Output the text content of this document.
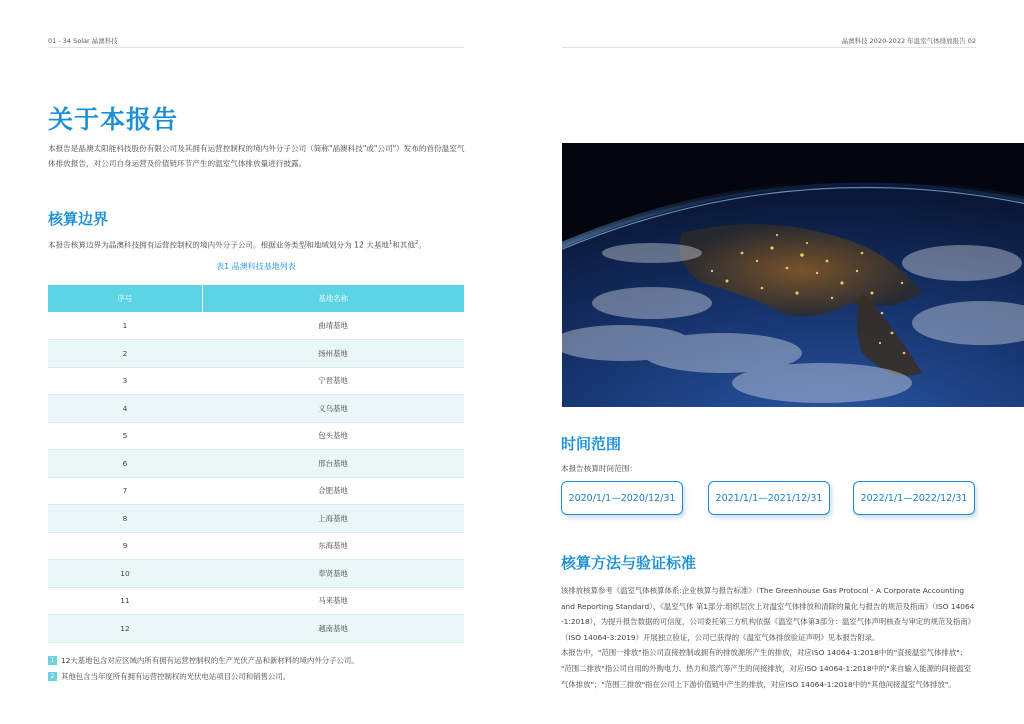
01 - 34 Solar 晶澳科技	晶澳科技 2020-2022 年温室气体排放报告 02
关于本报告
本报告是晶澳太阳能科技股份有限公司及其拥有运营控制权的境内外分子公司（简称"晶澳科技"或"公司"）发布的首份温室气体排放报告，对公司自身运营及价值链环节产生的温室气体排放量进行披露。
核算边界
本报告核算边界为晶澳科技拥有运营控制权的境内外分子公司。根据业务类型和地域划分为 12 大基地$^1$和其他$^2$。
表1 晶澳科技基地列表
序号	基地名称
1	曲靖基地
2	扬州基地
3	宁晋基地
4	义乌基地
5	包头基地
6	邢台基地
7	合肥基地
8	上海基地
9	东海基地
10	奉贤基地
11	马来基地
12	越南基地
1 12大基地包含对应区域内所有拥有运营控制权的生产光伏产品和新材料的境内外分子公司。
2 其他包含当年度所有拥有运营控制权的光伏电站项目公司和销售公司。
时间范围
本报告核算时间范围：
2020/1/1—2020/12/31	2021/1/1—2021/12/31	2022/1/1—2022/12/31
核算方法与验证标准
该排放核算参考《温室气体核算体系:企业核算与报告标准》（The Greenhouse Gas Protocol - A Corporate Accounting
and Reporting Standard）、《温室气体 第1部分:组织层次上对温室气体排放和清除的量化与报告的规范及指南》（ISO 14064
-1:2018），为提升报告数据的可信度，公司委托第三方机构依据《温室气体第3部分：温室气体声明核查与审定的规范及指南》
（ISO 14064-3:2019）开展独立验证，公司已获得的《温室气体排放验证声明》见本报告附录。
本报告中，"范围一排放"指公司直接控制或拥有的排放源所产生的排放，对应ISO 14064-1:2018中的"直接温室气体排放"；
"范围二排放"指公司自用的外购电力、热力和蒸汽等产生的间接排放，对应ISO 14064-1:2018中的"来自输入能源的间接温室
气体排放"；"范围三排放"指在公司上下游价值链中产生的排放，对应ISO 14064-1:2018中的"其他间接温室气体排放"。
